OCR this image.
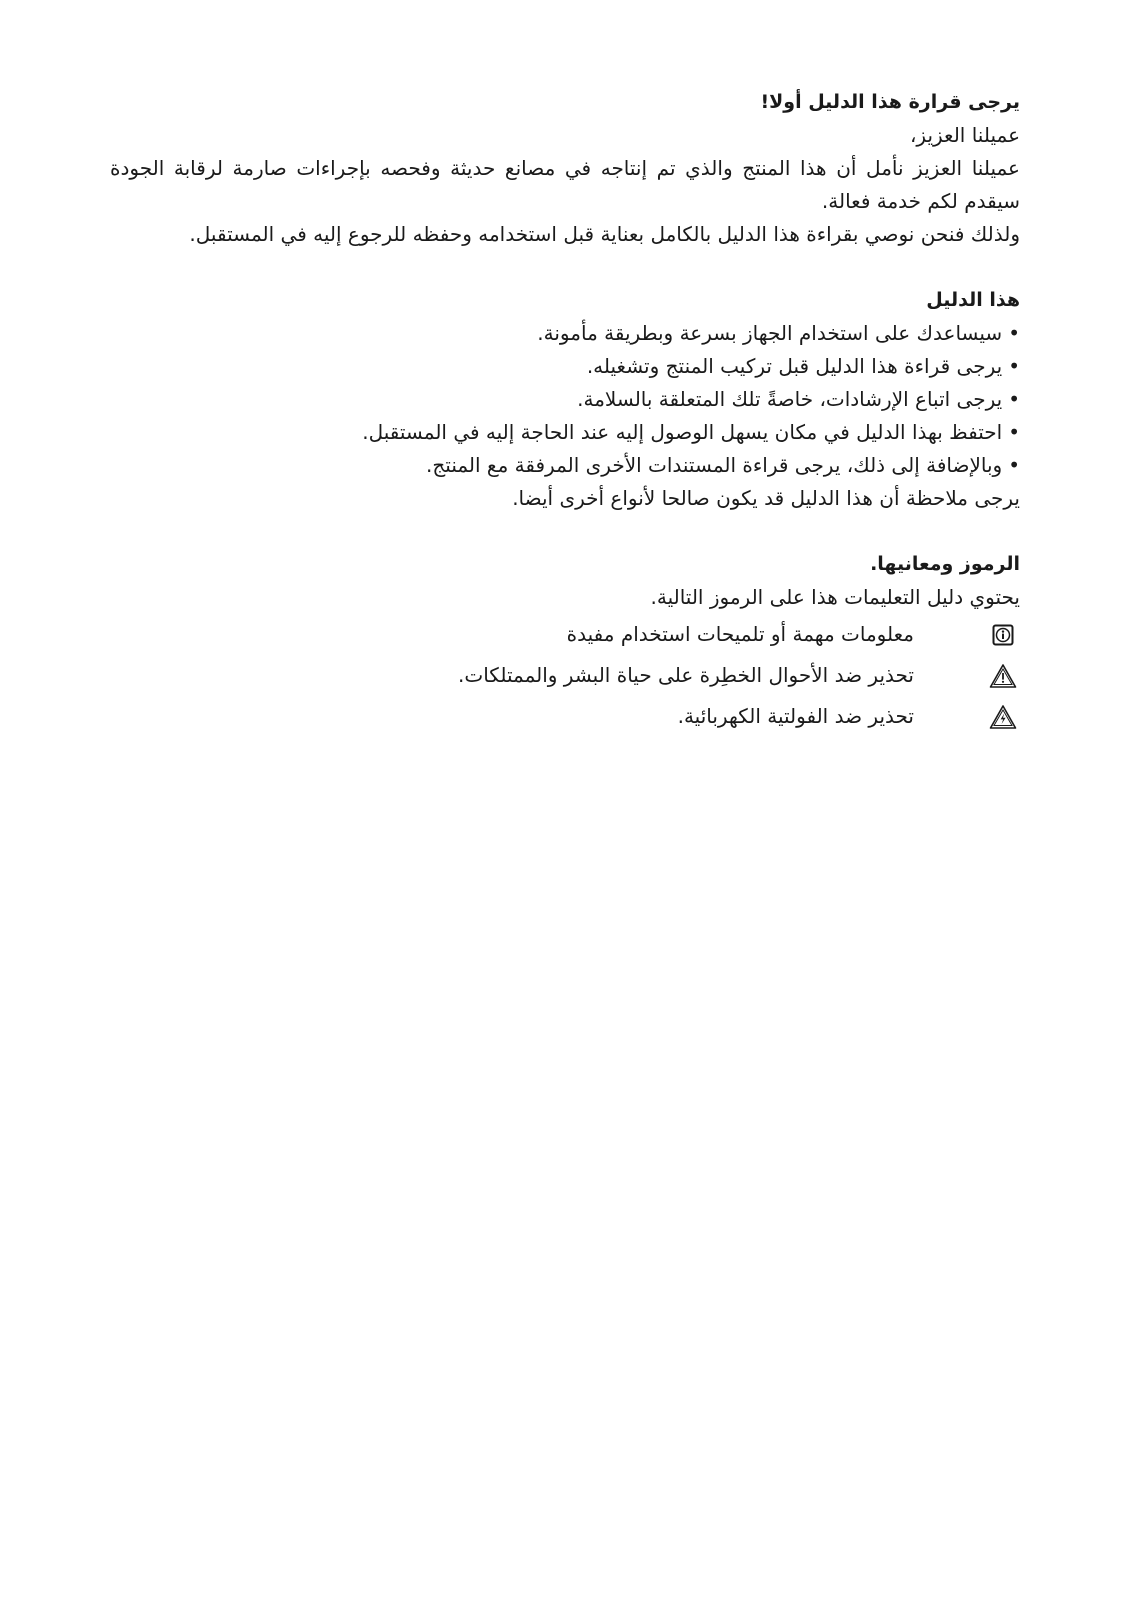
يرجى قرارة هذا الدليل أولا!

عميلنا العزيز،

عميلنا العزيز نأمل أن هذا المنتج والذي تم إنتاجه في مصانع حديثة وفحصه بإجراءات صارمة لرقابة الجودة سيقدم لكم خدمة فعالة.

ولذلك فنحن نوصي بقراءة هذا الدليل بالكامل بعناية قبل استخدامه وحفظه للرجوع إليه في المستقبل.

هذا الدليل
• سيساعدك على استخدام الجهاز بسرعة وبطريقة مأمونة.
• يرجى قراءة هذا الدليل قبل تركيب المنتج وتشغيله.
• يرجى اتباع الإرشادات، خاصةً تلك المتعلقة بالسلامة.
• احتفظ بهذا الدليل في مكان يسهل الوصول إليه عند الحاجة إليه في المستقبل.
• وبالإضافة إلى ذلك، يرجى قراءة المستندات الأخرى المرفقة مع المنتج.

يرجى ملاحظة أن هذا الدليل قد يكون صالحا لأنواع أخرى أيضا.

الرموز ومعانيها.

يحتوي دليل التعليمات هذا على الرموز التالية.

معلومات مهمة أو تلميحات استخدام مفيدة
تحذير ضد الأحوال الخطِرة على حياة البشر والممتلكات.
تحذير ضد الفولتية الكهربائية.
